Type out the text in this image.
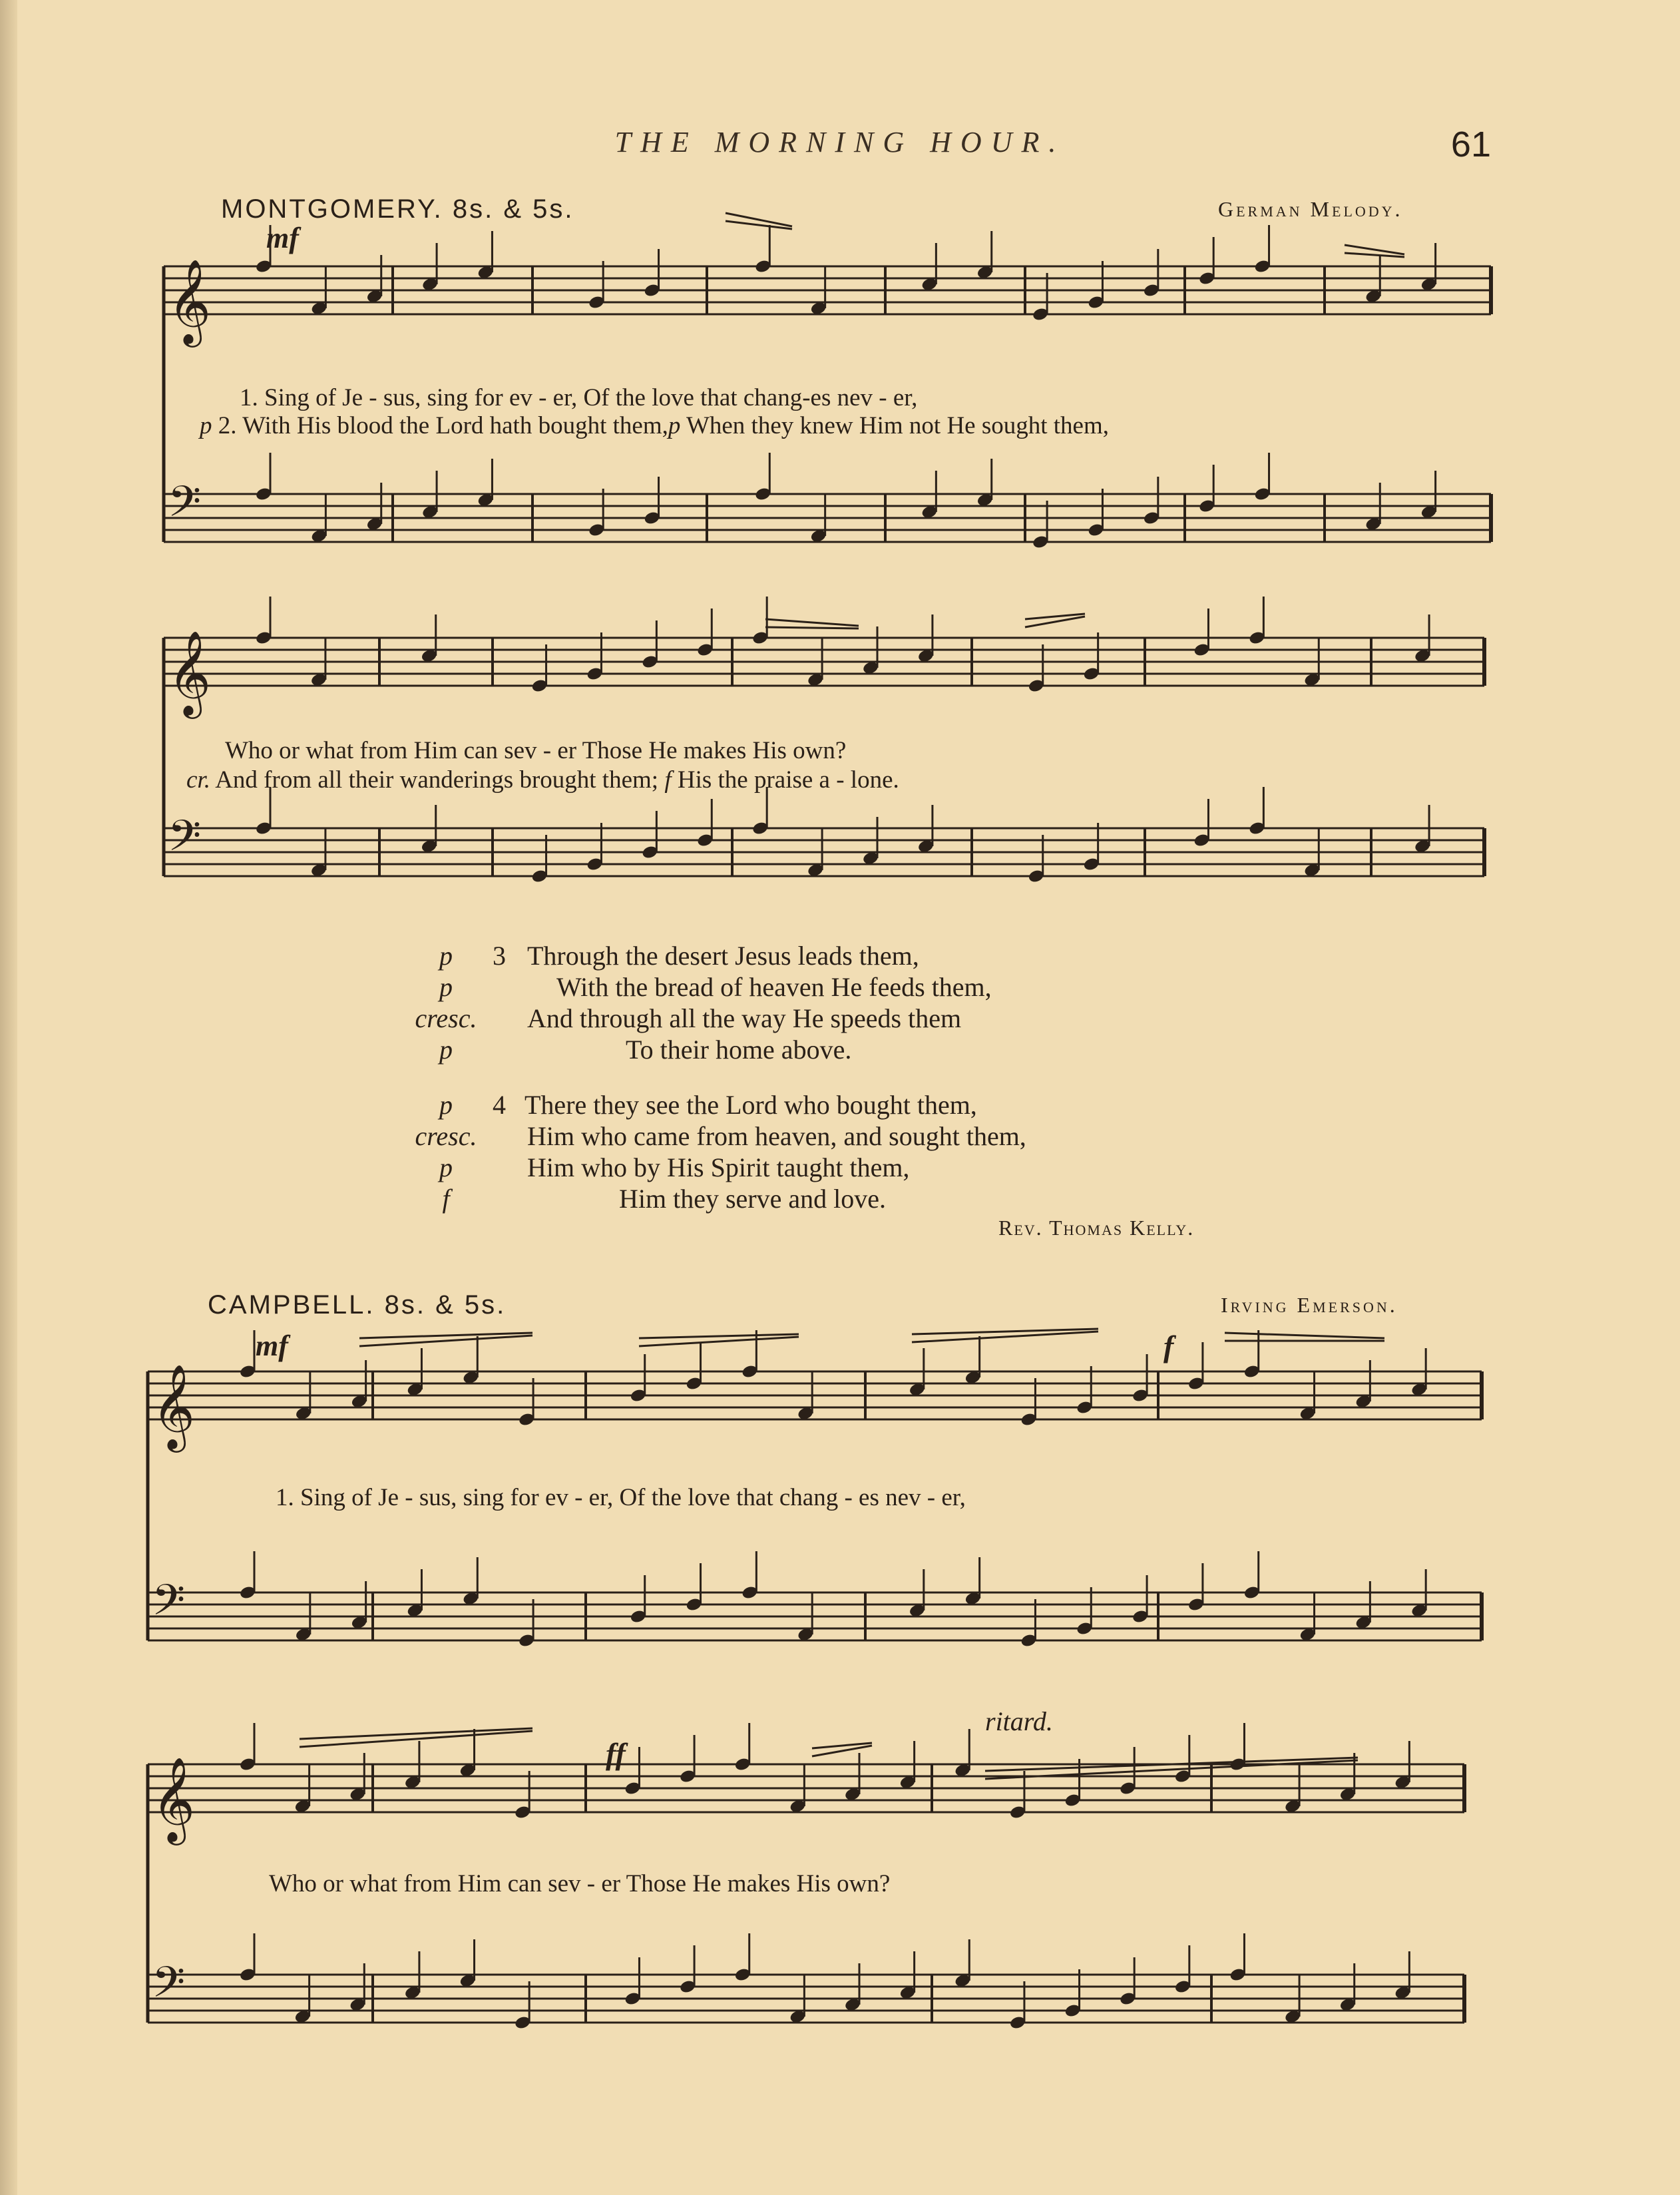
THE MORNING HOUR.	61
MONTGOMERY. 8s. & 5s.	German Melody.
mf
1. Sing of Je - sus, sing for ev - er, Of the love that chang-es nev - er,
p 2. With His blood the Lord hath bought them,p When they knew Him not He sought them,
Who or what from Him can sev - er Those He makes His own?
cr. And from all their wanderings brought them; f His the praise a - lone.
p	3 Through the desert Jesus leads them,
p	With the bread of heaven He feeds them,
cresc.	And through all the way He speeds them
p	To their home above.
p	4 There they see the Lord who bought them,
cresc.	Him who came from heaven, and sought them,
p	Him who by His Spirit taught them,
f	Him they serve and love.
Rev. Thomas Kelly.
CAMPBELL. 8s. & 5s.	Irving Emerson.
mf	f
1. Sing of Je - sus, sing for ev - er, Of the love that chang - es nev - er,
ritard.
ff
Who or what from Him can sev - er Those He makes His own?
𝄞
𝄢
𝄞
𝄢
𝄞
𝄢
𝄞
𝄢
